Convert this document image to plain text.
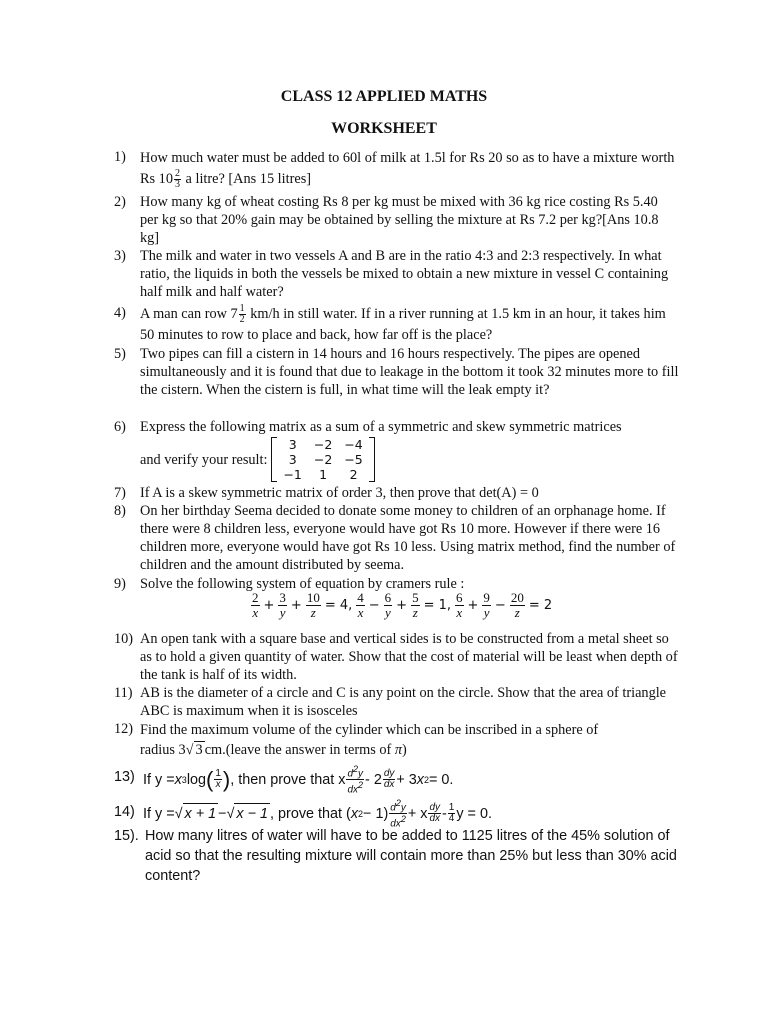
CLASS 12 APPLIED MATHS
WORKSHEET
1) How much water must be added to 60l of milk at 1.5l for Rs 20 so as to have a mixture worth Rs $10 \frac{2}{3}$ a litre? [Ans 15 litres]
2) How many kg of wheat costing Rs 8 per kg must be mixed with 36 kg rice costing Rs 5.40 per kg so that 20% gain may be obtained by selling the mixture at Rs 7.2 per kg?[Ans 10.8 kg]
3) The milk and water in two vessels A and B are in the ratio 4:3 and 2:3 respectively. In what ratio, the liquids in both the vessels be mixed to obtain a new mixture in vessel C containing half milk and half water?
4) A man can row $7 \frac{1}{2} km/h$ in still water. If in a river running at 1.5 km in an hour, it takes him 50 minutes to row to place and back, how far off is the place?
5) Two pipes can fill a cistern in 14 hours and 16 hours respectively. The pipes are opened simultaneously and it is found that due to leakage in the bottom it took 32 minutes more to fill the cistern. When the cistern is full, in what time will the leak empty it?
6) Express the following matrix as a sum of a symmetric and skew symmetric matrices
and verify your result:
3	−2	−4
3	−2	−5
−1	1	2
7) If A is a skew symmetric matrix of order 3, then prove that det(A) = 0
8) On her birthday Seema decided to donate some money to children of an orphanage home. If there were 8 children less, everyone would have got Rs 10 more. However if there were 16 children more, everyone would have got Rs 10 less. Using matrix method, find the number of children and the amount distributed by seema.
9) Solve the following system of equation by cramers rule :
$\frac{2}{x} + \frac{3}{y} + \frac{10}{z} = 4$, $\frac{4}{x} - \frac{6}{y} + \frac{5}{z} = 1$, $\frac{6}{x} + \frac{9}{y} - \frac{20}{z} = 2$
10) An open tank with a square base and vertical sides is to be constructed from a metal sheet so as to hold a given quantity of water. Show that the cost of material will be least when depth of the tank is half of its width.
11) AB is the diameter of a circle and C is any point on the circle. Show that the area of triangle ABC is maximum when it is isosceles
12) Find the maximum volume of the cylinder which can be inscribed in a sphere of
radius 3√ 3 cm.(leave the answer in terms of π)
13) If y = x 3 log ( $\frac{1}{x}$ ) , then prove that x $\frac{d2y}{dx2} - 2 \frac{dy}{dx} + 3$ x 2 = 0.
14) If y = √ x + 1 − √ x − 1 , prove that ( x $2 - 1) \frac{d2y}{dx2} + x \frac{dy}{dx} - \frac{1}{4}$ y = 0.
15). How many litres of water will have to be added to 1125 litres of the 45% solution of acid so that the resulting mixture will contain more than 25% but less than 30% acid content?
